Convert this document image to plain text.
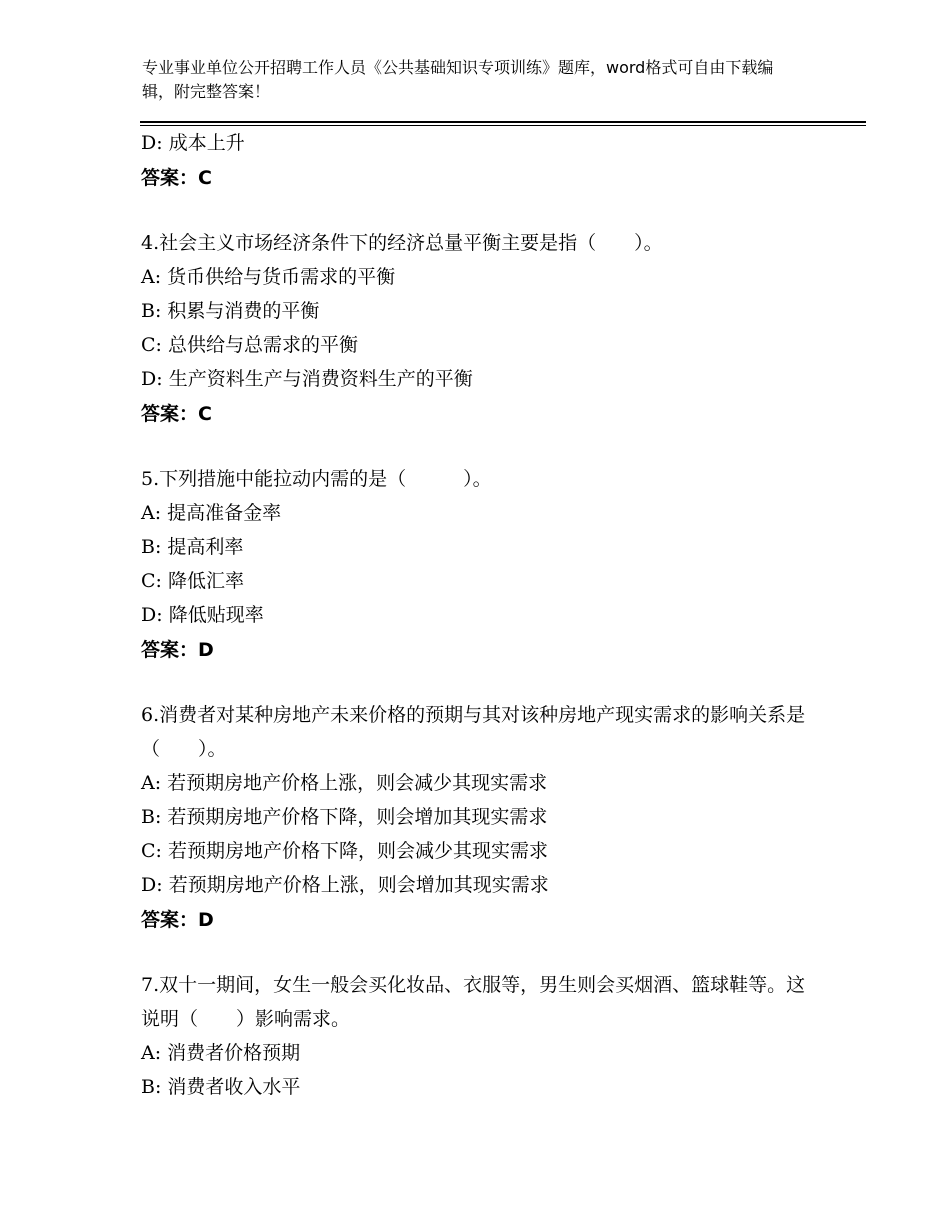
专业事业单位公开招聘工作人员《公共基础知识专项训练》题库，word格式可自由下载编辑，附完整答案！
D: 成本上升
答案：C
4.社会主义市场经济条件下的经济总量平衡主要是指（　　）。
A: 货币供给与货币需求的平衡
B: 积累与消费的平衡
C: 总供给与总需求的平衡
D: 生产资料生产与消费资料生产的平衡
答案：C
5.下列措施中能拉动内需的是（　　　）。
A: 提高准备金率
B: 提高利率
C: 降低汇率
D: 降低贴现率
答案：D
6.消费者对某种房地产未来价格的预期与其对该种房地产现实需求的影响关系是（　　）。
A: 若预期房地产价格上涨，则会减少其现实需求
B: 若预期房地产价格下降，则会增加其现实需求
C: 若预期房地产价格下降，则会减少其现实需求
D: 若预期房地产价格上涨，则会增加其现实需求
答案：D
7.双十一期间，女生一般会买化妆品、衣服等，男生则会买烟酒、篮球鞋等。这说明（　　）影响需求。
A: 消费者价格预期
B: 消费者收入水平
